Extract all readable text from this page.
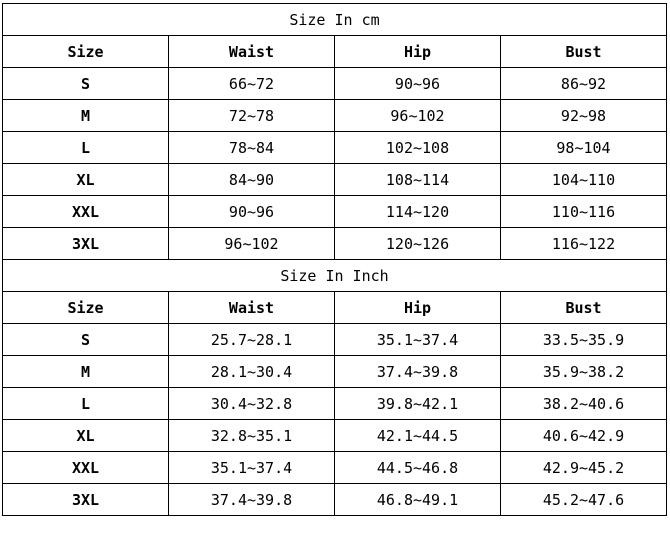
Size In cm			
Size	Waist	Hip	Bust
S	66~72	90~96	86~92
M	72~78	96~102	92~98
L	78~84	102~108	98~104
XL	84~90	108~114	104~110
XXL	90~96	114~120	110~116
3XL	96~102	120~126	116~122
Size In Inch			
Size	Waist	Hip	Bust
S	25.7~28.1	35.1~37.4	33.5~35.9
M	28.1~30.4	37.4~39.8	35.9~38.2
L	30.4~32.8	39.8~42.1	38.2~40.6
XL	32.8~35.1	42.1~44.5	40.6~42.9
XXL	35.1~37.4	44.5~46.8	42.9~45.2
3XL	37.4~39.8	46.8~49.1	45.2~47.6
